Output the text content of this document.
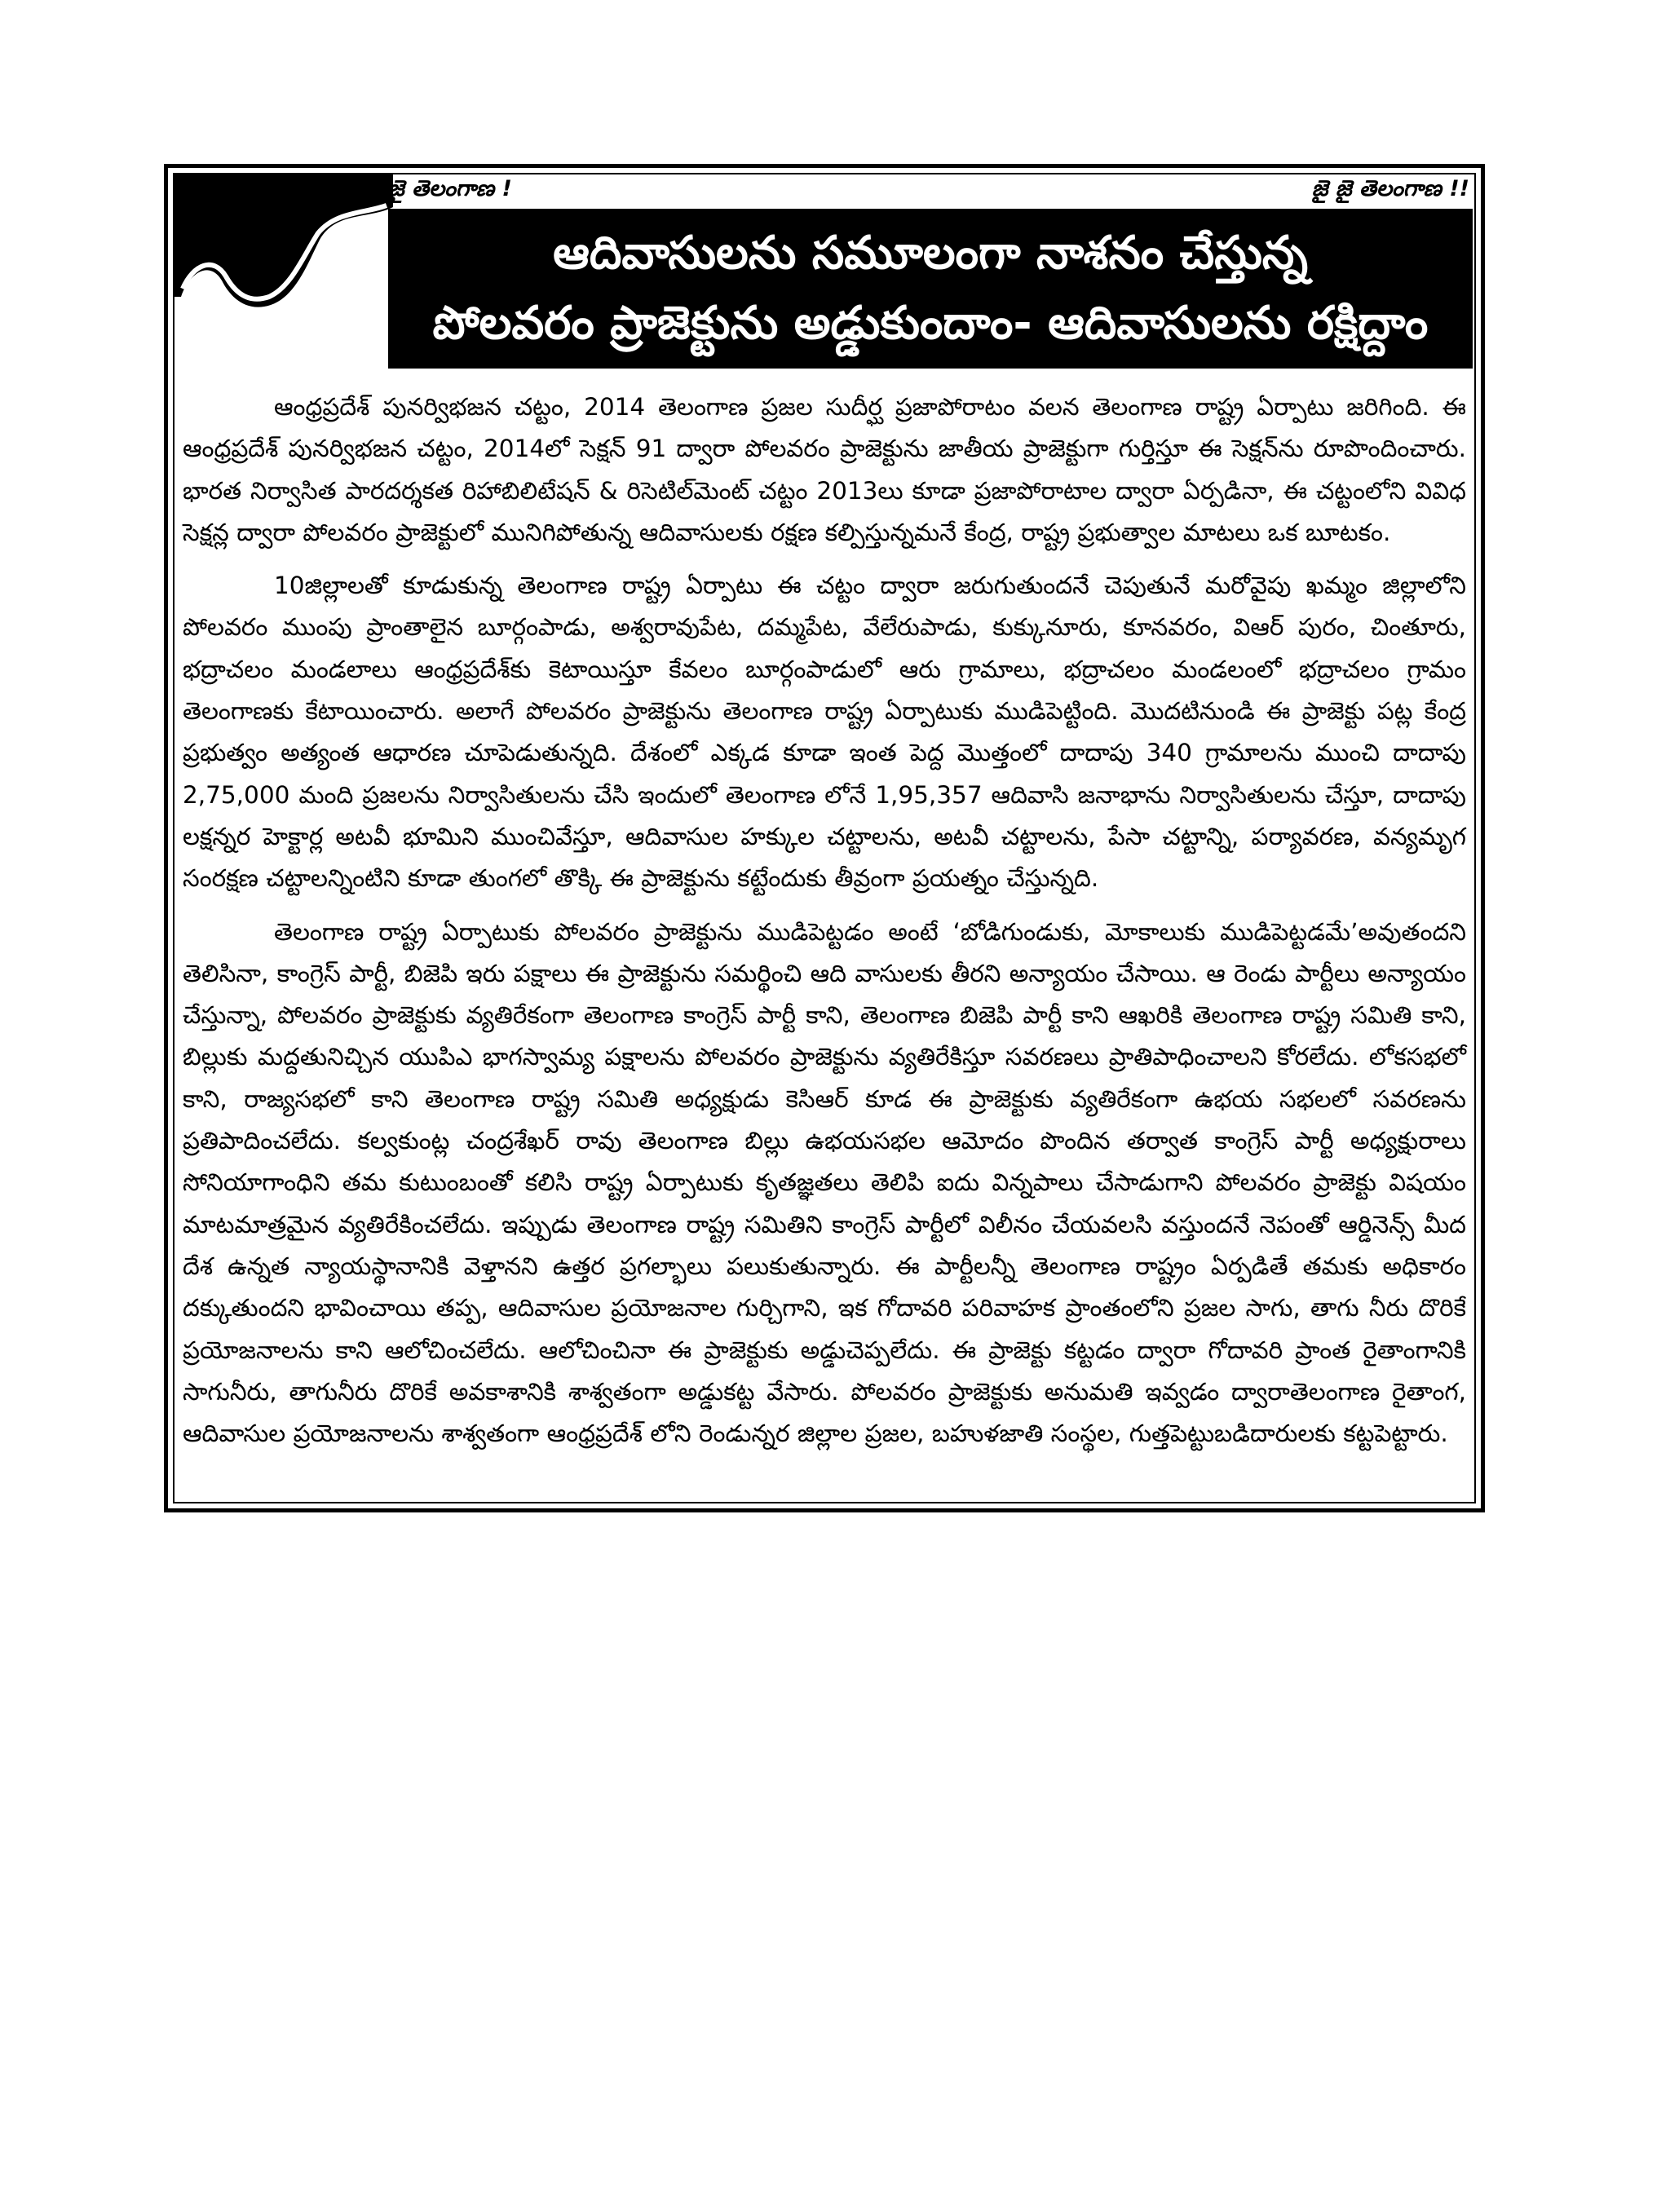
జై తెలంగాణ !	జై జై తెలంగాణ !!
ఆదివాసులను సమూలంగా నాశనం చేస్తున్న
పోలవరం ప్రాజెక్టును అడ్డుకుందాం- ఆదివాసులను రక్షిద్దాం

ఆంధ్రప్రదేశ్ పునర్విభజన చట్టం, 2014 తెలంగాణ ప్రజల సుదీర్ఘ ప్రజాపోరాటం వలన తెలంగాణ రాష్ట్ర ఏర్పాటు జరిగింది. ఈ ఆంధ్రప్రదేశ్ పునర్విభజన చట్టం, 2014లో సెక్షన్ 91 ద్వారా పోలవరం ప్రాజెక్టును జాతీయ ప్రాజెక్టుగా గుర్తిస్తూ ఈ సెక్షన్‌ను రూపొందించారు. భారత నిర్వాసిత పారదర్శకత రిహాబిలిటేషన్ & రిసెటిల్‌మెంట్ చట్టం 2013లు కూడా ప్రజాపోరాటాల ద్వారా ఏర్పడినా, ఈ చట్టంలోని వివిధ సెక్షన్ల ద్వారా పోలవరం ప్రాజెక్టులో మునిగిపోతున్న ఆదివాసులకు రక్షణ కల్పిస్తున్నమనే కేంద్ర, రాష్ట్ర ప్రభుత్వాల మాటలు ఒక బూటకం.

10జిల్లాలతో కూడుకున్న తెలంగాణ రాష్ట్ర ఏర్పాటు ఈ చట్టం ద్వారా జరుగుతుందనే చెపుతునే మరోవైపు ఖమ్మం జిల్లాలోని పోలవరం ముంపు ప్రాంతాలైన బూర్గంపాడు, అశ్వరావుపేట, దమ్మపేట, వేలేరుపాడు, కుక్కునూరు, కూనవరం, విఆర్ పురం, చింతూరు, భద్రాచలం మండలాలు ఆంధ్రప్రదేశ్‌కు కెటాయిస్తూ కేవలం బూర్గంపాడులో ఆరు గ్రామాలు, భద్రాచలం మండలంలో భద్రాచలం గ్రామం తెలంగాణకు కేటాయించారు. అలాగే పోలవరం ప్రాజెక్టును తెలంగాణ రాష్ట్ర ఏర్పాటుకు ముడిపెట్టింది. మొదటినుండి ఈ ప్రాజెక్టు పట్ల కేంద్ర ప్రభుత్వం అత్యంత ఆధారణ చూపెడుతున్నది. దేశంలో ఎక్కడ కూడా ఇంత పెద్ద మొత్తంలో దాదాపు 340 గ్రామాలను ముంచి దాదాపు 2,75,000 మంది ప్రజలను నిర్వాసితులను చేసి ఇందులో తెలంగాణ లోనే 1,95,357 ఆదివాసి జనాభాను నిర్వాసితులను చేస్తూ, దాదాపు లక్షన్నర హెక్టార్ల అటవీ భూమిని ముంచివేస్తూ, ఆదివాసుల హక్కుల చట్టాలను, అటవీ చట్టాలను, పేసా చట్టాన్ని, పర్యావరణ, వన్యమృగ సంరక్షణ చట్టాలన్నింటిని కూడా తుంగలో తొక్కి ఈ ప్రాజెక్టును కట్టేందుకు తీవ్రంగా ప్రయత్నం చేస్తున్నది.

తెలంగాణ రాష్ట్ర ఏర్పాటుకు పోలవరం ప్రాజెక్టును ముడిపెట్టడం అంటే ‘బోడిగుండుకు, మోకాలుకు ముడిపెట్టడమే’అవుతందని తెలిసినా, కాంగ్రెస్ పార్టీ, బిజెపి ఇరు పక్షాలు ఈ ప్రాజెక్టును సమర్థించి ఆది వాసులకు తీరని అన్యాయం చేసాయి. ఆ రెండు పార్టీలు అన్యాయం చేస్తున్నా, పోలవరం ప్రాజెక్టుకు వ్యతిరేకంగా తెలంగాణ కాంగ్రెస్ పార్టీ కాని, తెలంగాణ బిజెపి పార్టీ కాని ఆఖరికి తెలంగాణ రాష్ట్ర సమితి కాని, బిల్లుకు మద్దతునిచ్చిన యుపిఎ భాగస్వామ్య పక్షాలను పోలవరం ప్రాజెక్టును వ్యతిరేకిస్తూ సవరణలు ప్రాతిపాధించాలని కోరలేదు. లోకసభలో కాని, రాజ్యసభలో కాని తెలంగాణ రాష్ట్ర సమితి అధ్యక్షుడు కెసిఆర్ కూడ ఈ ప్రాజెక్టుకు వ్యతిరేకంగా ఉభయ సభలలో సవరణను ప్రతిపాదించలేదు. కల్వకుంట్ల చంద్రశేఖర్ రావు తెలంగాణ బిల్లు ఉభయసభల ఆమోదం పొందిన తర్వాత కాంగ్రెస్ పార్టీ అధ్యక్షురాలు సోనియాగాంధిని తమ కుటుంబంతో కలిసి రాష్ట్ర ఏర్పాటుకు కృతజ్ఞతలు తెలిపి ఐదు విన్నపాలు చేసాడుగాని పోలవరం ప్రాజెక్టు విషయం మాటమాత్రమైన వ్యతిరేకించలేదు. ఇప్పుడు తెలంగాణ రాష్ట్ర సమితిని కాంగ్రెస్ పార్టీలో విలీనం చేయవలసి వస్తుందనే నెపంతో ఆర్డినెన్స్ మీద దేశ ఉన్నత న్యాయస్థానానికి వెళ్తానని ఉత్తర ప్రగల్భాలు పలుకుతున్నారు. ఈ పార్టీలన్నీ తెలంగాణ రాష్ట్రం ఏర్పడితే తమకు అధికారం దక్కుతుందని భావించాయి తప్ప, ఆదివాసుల ప్రయోజనాల గుర్చిగాని, ఇక గోదావరి పరివాహక ప్రాంతంలోని ప్రజల సాగు, తాగు నీరు దొరికే ప్రయోజనాలను కాని ఆలోచించలేదు. ఆలోచించినా ఈ ప్రాజెక్టుకు అడ్డుచెప్పలేదు. ఈ ప్రాజెక్టు కట్టడం ద్వారా గోదావరి ప్రాంత రైతాంగానికి సాగునీరు, తాగునీరు దొరికే అవకాశానికి శాశ్వతంగా అడ్డుకట్ట వేసారు. పోలవరం ప్రాజెక్టుకు అనుమతి ఇవ్వడం ద్వారాతెలంగాణ రైతాంగ, ఆదివాసుల ప్రయోజనాలను శాశ్వతంగా ఆంధ్రప్రదేశ్ లోని రెండున్నర జిల్లాల ప్రజల, బహుళజాతి సంస్థల, గుత్తపెట్టుబడిదారులకు కట్టపెట్టారు.
